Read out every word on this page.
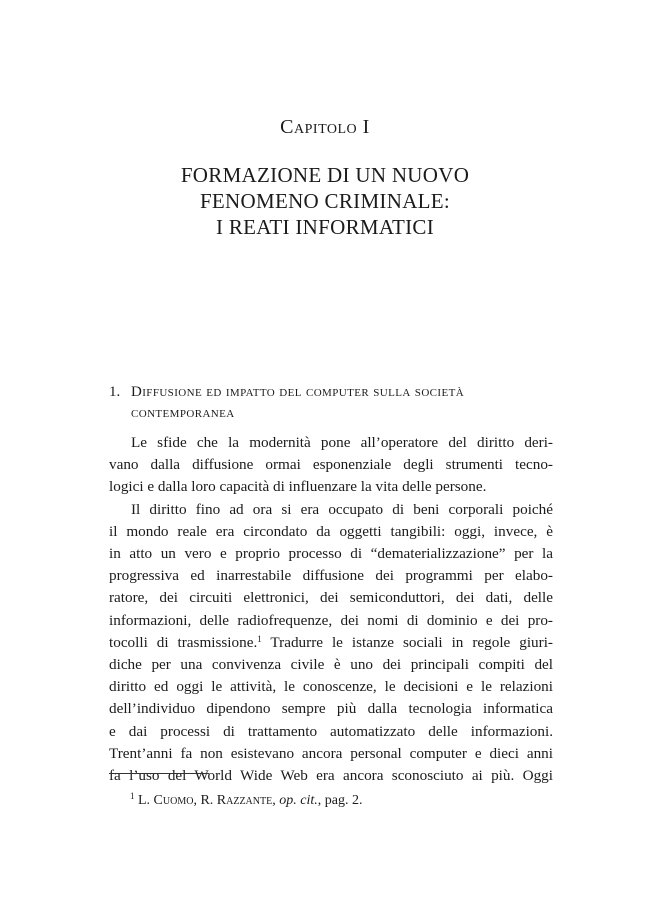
Capitolo I
FORMAZIONE DI UN NUOVO
FENOMENO CRIMINALE:
I REATI INFORMATICI
1. Diffusione ed impatto del computer sulla società
contemporanea
Le sfide che la modernità pone all’operatore del diritto deri-
vano dalla diffusione ormai esponenziale degli strumenti tecno-
logici e dalla loro capacità di influenzare la vita delle persone.
Il diritto fino ad ora si era occupato di beni corporali poiché
il mondo reale era circondato da oggetti tangibili: oggi, invece, è
in atto un vero e proprio processo di “dematerializzazione” per la
progressiva ed inarrestabile diffusione dei programmi per elabo-
ratore, dei circuiti elettronici, dei semiconduttori, dei dati, delle
informazioni, delle radiofrequenze, dei nomi di dominio e dei pro-
tocolli di trasmissione.$^1$ Tradurre le istanze sociali in regole giuri-
diche per una convivenza civile è uno dei principali compiti del
diritto ed oggi le attività, le conoscenze, le decisioni e le relazioni
dell’individuo dipendono sempre più dalla tecnologia informatica
e dai processi di trattamento automatizzato delle informazioni.
Trent’anni fa non esistevano ancora personal computer e dieci anni
fa l’uso del World Wide Web era ancora sconosciuto ai più. Oggi
$^1$ L. Cuomo, R. Razzante, op. cit., pag. 2.
